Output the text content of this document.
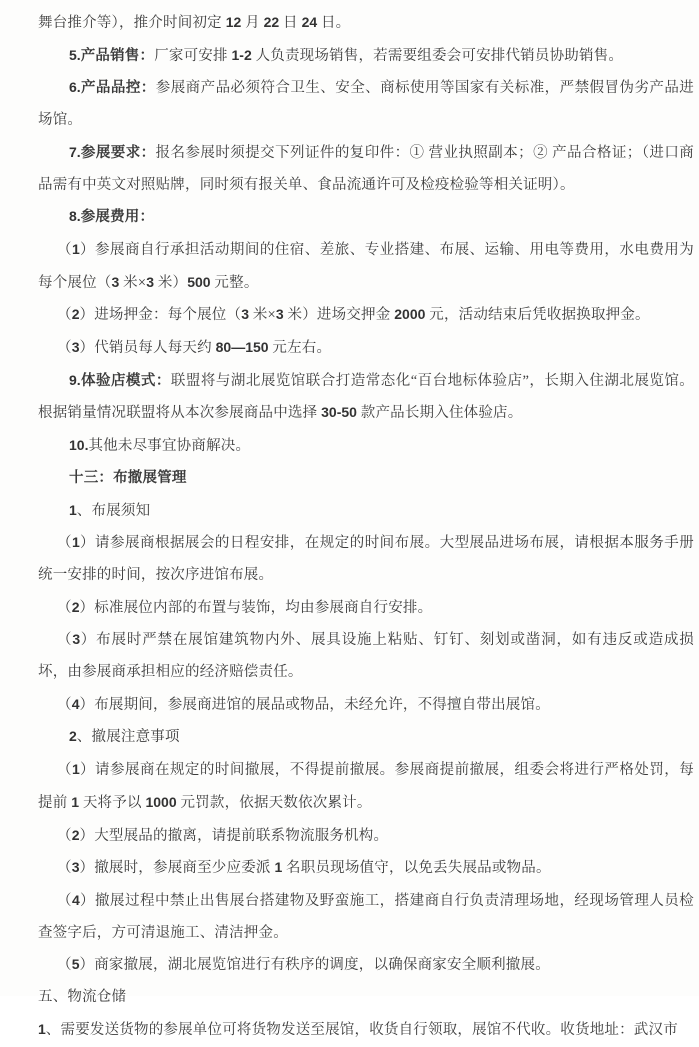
舞台推介等），推介时间初定 12 月 22 日 24 日。

5.产品销售：厂家可安排 1-2 人负责现场销售，若需要组委会可安排代销员协助销售。

6.产品品控：参展商产品必须符合卫生、安全、商标使用等国家有关标准，严禁假冒伪劣产品进场馆。

7.参展要求：报名参展时须提交下列证件的复印件：① 营业执照副本；② 产品合格证；（进口商品需有中英文对照贴牌，同时须有报关单、食品流通许可及检疫检验等相关证明）。

8.参展费用：

（1）参展商自行承担活动期间的住宿、差旅、专业搭建、布展、运输、用电等费用，水电费用为每个展位（3 米×3 米）500 元整。

（2）进场押金：每个展位（3 米×3 米）进场交押金 2000 元，活动结束后凭收据换取押金。

（3）代销员每人每天约 80—150 元左右。

9.体验店模式：联盟将与湖北展览馆联合打造常态化“百台地标体验店”，长期入住湖北展览馆。根据销量情况联盟将从本次参展商品中选择 30-50 款产品长期入住体验店。

10.其他未尽事宜协商解决。

十三：布撤展管理

1、布展须知

（1）请参展商根据展会的日程安排，在规定的时间布展。大型展品进场布展，请根据本服务手册统一安排的时间，按次序进馆布展。

（2）标准展位内部的布置与装饰，均由参展商自行安排。

（3）布展时严禁在展馆建筑物内外、展具设施上粘贴、钉钉、刻划或凿洞，如有违反或造成损坏，由参展商承担相应的经济赔偿责任。

（4）布展期间，参展商进馆的展品或物品，未经允许，不得擅自带出展馆。

2、撤展注意事项

（1）请参展商在规定的时间撤展，不得提前撤展。参展商提前撤展，组委会将进行严格处罚，每提前 1 天将予以 1000 元罚款，依据天数依次累计。

（2）大型展品的撤离，请提前联系物流服务机构。

（3）撤展时，参展商至少应委派 1 名职员现场值守，以免丢失展品或物品。

（4）撤展过程中禁止出售展台搭建物及野蛮施工，搭建商自行负责清理场地，经现场管理人员检查签字后，方可清退施工、清洁押金。

（5）商家撤展，湖北展览馆进行有秩序的调度，以确保商家安全顺利撤展。

五、物流仓储

1、需要发送货物的参展单位可将货物发送至展馆，收货自行领取，展馆不代收。收货地址：武汉市
